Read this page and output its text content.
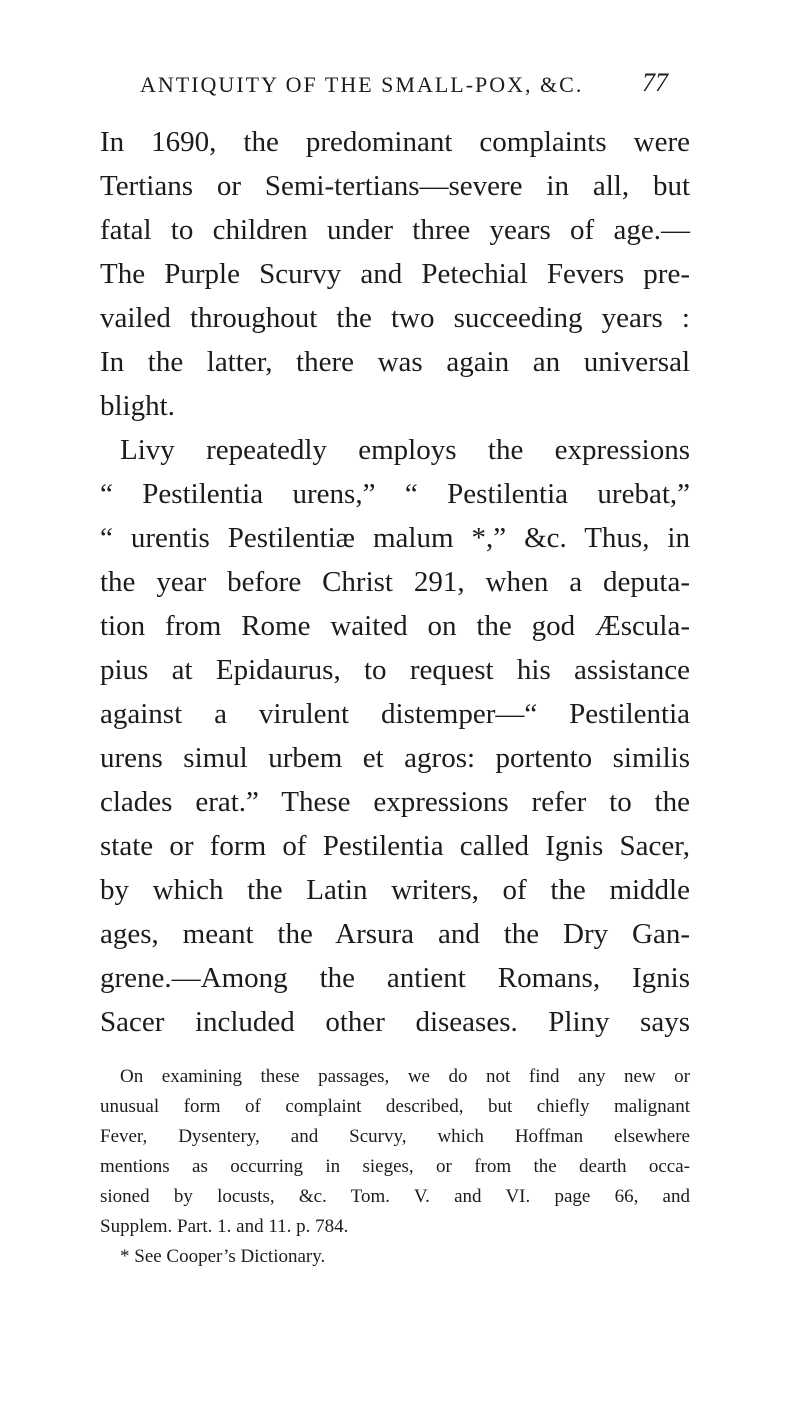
ANTIQUITY OF THE SMALL-POX, &C. 77
In 1690, the predominant complaints were
Tertians or Semi-tertians—severe in all, but
fatal to children under three years of age.—
The Purple Scurvy and Petechial Fevers pre-
vailed throughout the two succeeding years :
In the latter, there was again an universal
blight.
Livy repeatedly employs the expressions
“ Pestilentia urens,” “ Pestilentia urebat,”
“ urentis Pestilentiæ malum *,” &c. Thus, in
the year before Christ 291, when a deputa-
tion from Rome waited on the god Æscula-
pius at Epidaurus, to request his assistance
against a virulent distemper—“ Pestilentia
urens simul urbem et agros: portento similis
clades erat.” These expressions refer to the
state or form of Pestilentia called Ignis Sacer,
by which the Latin writers, of the middle
ages, meant the Arsura and the Dry Gan-
grene.—Among the antient Romans, Ignis
Sacer included other diseases. Pliny says
On examining these passages, we do not find any new or
unusual form of complaint described, but chiefly malignant
Fever, Dysentery, and Scurvy, which Hoffman elsewhere
mentions as occurring in sieges, or from the dearth occa-
sioned by locusts, &c. Tom. V. and VI. page 66, and
Supplem. Part. 1. and 11. p. 784.
* See Cooper’s Dictionary.
